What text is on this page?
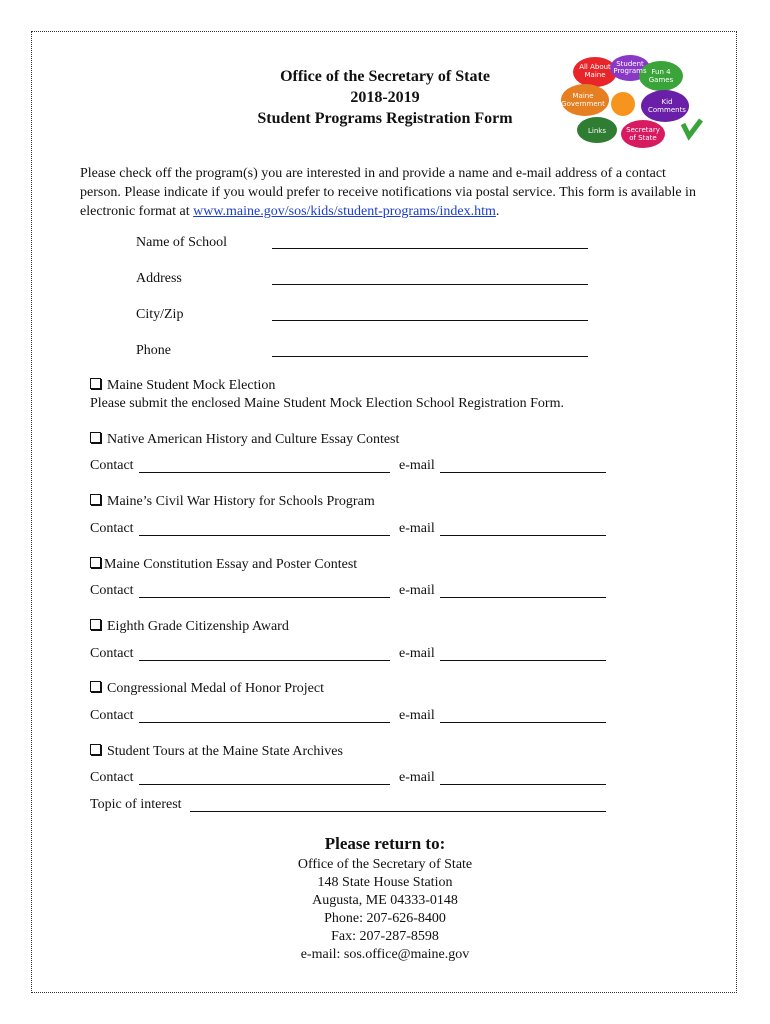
Office of the Secretary of State
2018-2019
Student Programs Registration Form
All About
Maine
Student
Programs Fun 4
Games
Maine
Government	Kid
Comments
Links	Secretary
of State
Please check off the program(s) you are interested in and provide a name and e-mail address of a contact person. Please indicate if you would prefer to receive notifications via postal service. This form is available in electronic format at www.maine.gov/sos/kids/student-programs/index.htm.
Name of School
Address
City/Zip
Phone
Maine Student Mock Election
Please submit the enclosed Maine Student Mock Election School Registration Form.
Native American History and Culture Essay Contest
Contact	e-mail
Maine’s Civil War History for Schools Program
Contact	e-mail
Maine Constitution Essay and Poster Contest
Contact	e-mail
Eighth Grade Citizenship Award
Contact	e-mail
Congressional Medal of Honor Project
Contact	e-mail
Student Tours at the Maine State Archives
Contact	e-mail
Topic of interest
Please return to:
Office of the Secretary of State
148 State House Station
Augusta, ME 04333-0148
Phone: 207-626-8400
Fax: 207-287-8598
e-mail: sos.office@maine.gov
